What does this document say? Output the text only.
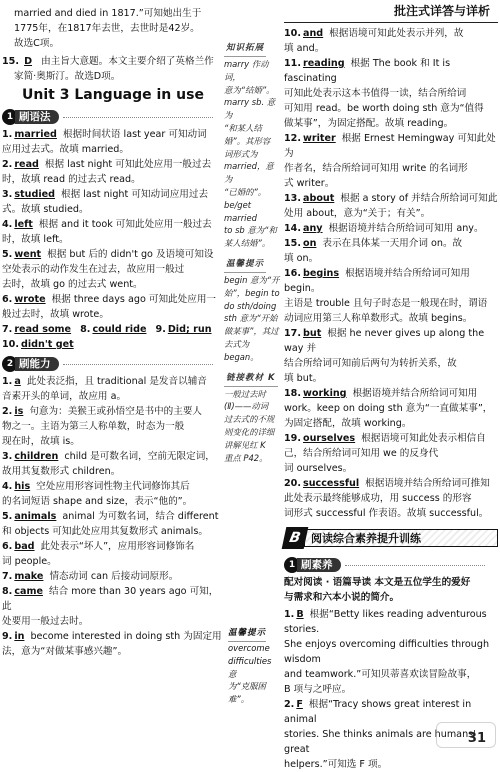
批注式详答与详析

married and died in 1817.”可知她出生于

1775年，在1817年去世，去世时是42岁。

故选C项。

15. D 由主旨大意题。本文主要介绍了英格兰作

家简·奥斯汀。故选D项。

Unit 3 Language in use
1 刷语法

1. married 根据时间状语 last year 可知动词

应用过去式。故填 married。

2. read 根据 last night 可知此处应用一般过去

时，故填 read 的过去式 read。

3. studied 根据 last night 可知动词应用过去

式。故填 studied。

4. left 根据 and it took 可知此处应用一般过去

时，故填 left。

5. went 根据 but 后的 didn't go 及语境可知设

空处表示的动作发生在过去，故应用一般过

去时，故填 go 的过去式 went。

6. wrote 根据 three days ago 可知此处应用一

般过去时，故填 wrote。

7. read some 8. could ride 9. Did; run

10. didn't get

2 刷能力

1. a 此处表泛指，且 traditional 是发音以辅音

音素开头的单词，故应用 a。

2. is 句意为：美猴王或孙悟空是书中的主要人

物之一。主语为第三人称单数，时态为一般

现在时，故填 is。

3. children child 是可数名词，空前无限定词，

故用其复数形式 children。

4. his 空处应用形容词性物主代词修饰其后

的名词短语 shape and size，表示“他的”。

5. animals animal 为可数名词，结合 different

和 objects 可知此处应用其复数形式 animals。

6. bad 此处表示“坏人”，应用形容词修饰名

词 people。

7. make 情态动词 can 后接动词原形。

8. came 结合 more than 30 years ago 可知，此

处要用一般过去时。

9. in become interested in doing sth 为固定用

法，意为“对做某事感兴趣”。

知识拓展

marry 作动词，

意为“结婚”。

marry sb. 意为

“和某人结

婚”。其形容

词形式为

married，意为

“已婚的”。

be/get married

to sb 意为“和

某人结婚”。

温馨提示

begin 意为“开

始”，begin to

do sth/doing

sth 意为“开始

做某事”，其过

去式为 began。

链接教材 K

一般过去时

(Ⅱ)——动词

过去式的不规

则变化的详细

讲解见红 K

重点 P42。

温馨提示

overcome

difficulties 意

为“克服困

难”。

10. and 根据语境可知此处表示并列，故

填 and。

11. reading 根据 The book 和 It is fascinating

可知此处表示这本书值得一读，结合所给词

可知用 read。be worth doing sth 意为“值得

做某事”，为固定搭配。故填 reading。

12. writer 根据 Ernest Hemingway 可知此处为

作者名，结合所给词可知用 write 的名词形

式 writer。

13. about 根据 a story of 并结合所给词可知此

处用 about，意为“关于；有关”。

14. any 根据语境并结合所给词可知用 any。

15. on 表示在具体某一天用介词 on。故

填 on。

16. begins 根据语境并结合所给词可知用 begin。

主语是 trouble 且句子时态是一般现在时，谓语

动词应用第三人称单数形式。故填 begins。

17. but 根据 he never gives up along the way 并

结合所给词可知前后两句为转折关系，故

填 but。

18. working 根据语境并结合所给词可知用

work。keep on doing sth 意为“一直做某事”，

为固定搭配，故填 working。

19. ourselves 根据语境可知此处表示相信自

己，结合所给词可知用 we 的反身代

词 ourselves。

20. successful 根据语境并结合所给词可推知

此处表示最终能够成功，用 success 的形容

词形式 successful 作表语。故填 successful。

B 阅读综合素养提升训练
1 刷素养

配对阅读 · 语篇导读 本文是五位学生的爱好

与需求和六本小说的简介。

1. B 根据“Betty likes reading adventurous stories.

She enjoys overcoming difficulties through wisdom

and teamwork.”可知贝蒂喜欢读冒险故事，

B 项与之呼应。

2. F 根据“Tracy shows great interest in animal

stories. She thinks animals are humans' great

helpers.”可知选 F 项。

31
